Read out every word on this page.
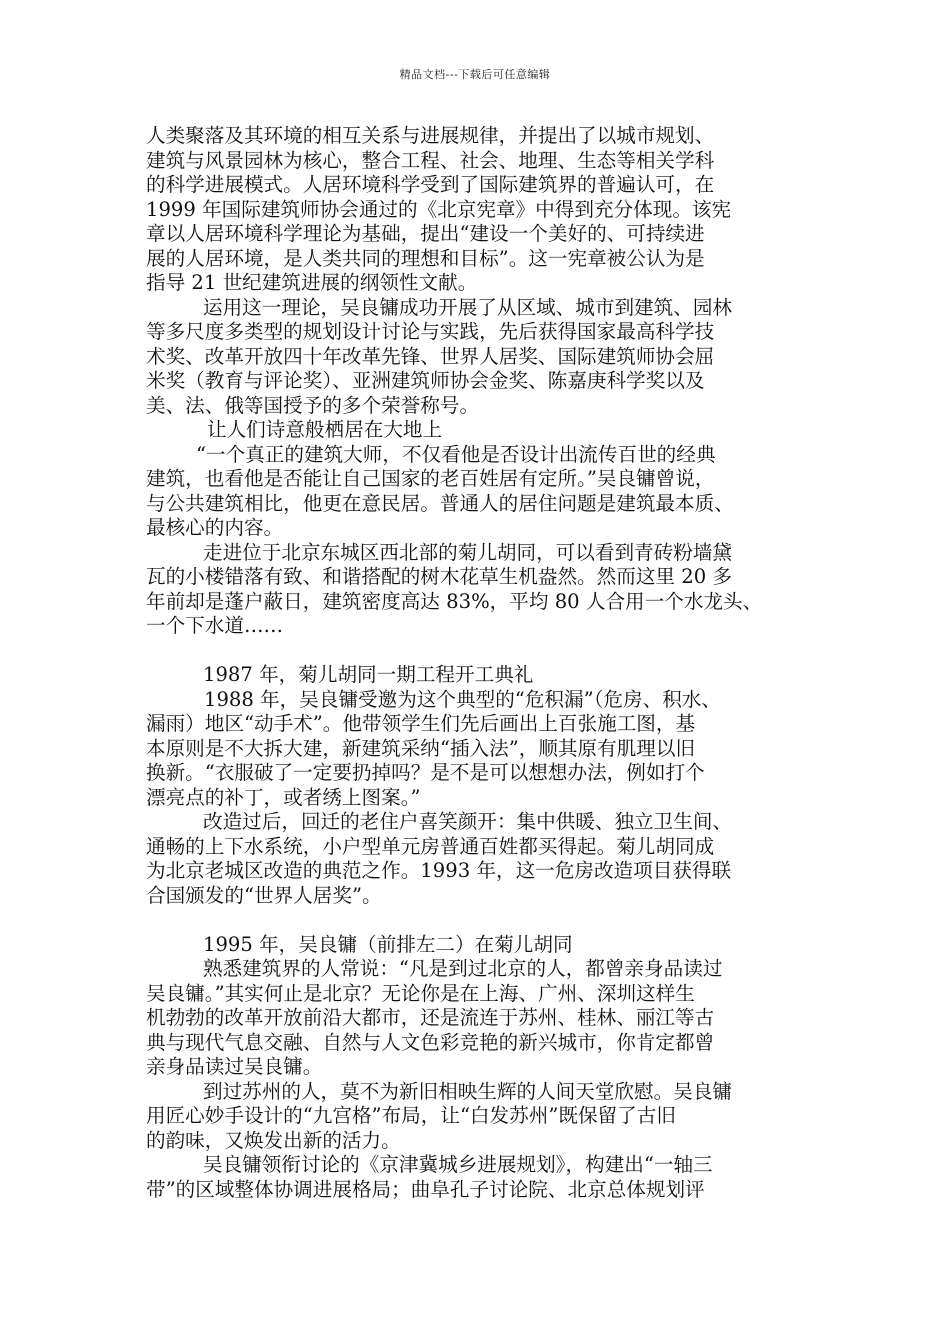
精品文档---下载后可任意编辑

人类聚落及其环境的相互关系与进展规律，并提出了以城市规划、

建筑与风景园林为核心，整合工程、社会、地理、生态等相关学科

的科学进展模式。人居环境科学受到了国际建筑界的普遍认可，在

1999 年国际建筑师协会通过的《北京宪章》中得到充分体现。该宪

章以人居环境科学理论为基础，提出“建设一个美好的、可持续进

展的人居环境，是人类共同的理想和目标”。这一宪章被公认为是

指导 21 世纪建筑进展的纲领性文献。

运用这一理论，吴良镛成功开展了从区域、城市到建筑、园林

等多尺度多类型的规划设计讨论与实践，先后获得国家最高科学技

术奖、改革开放四十年改革先锋、世界人居奖、国际建筑师协会屈

米奖（教育与评论奖）、亚洲建筑师协会金奖、陈嘉庚科学奖以及

美、法、俄等国授予的多个荣誉称号。

让人们诗意般栖居在大地上

“一个真正的建筑大师，不仅看他是否设计出流传百世的经典

建筑，也看他是否能让自己国家的老百姓居有定所。”吴良镛曾说，

与公共建筑相比，他更在意民居。普通人的居住问题是建筑最本质、

最核心的内容。

走进位于北京东城区西北部的菊儿胡同，可以看到青砖粉墙黛

瓦的小楼错落有致、和谐搭配的树木花草生机盎然。然而这里 20 多

年前却是蓬户蔽日，建筑密度高达 83%，平均 80 人合用一个水龙头、

一个下水道……

1987 年，菊儿胡同一期工程开工典礼

1988 年，吴良镛受邀为这个典型的“危积漏”（危房、积水、

漏雨）地区“动手术”。他带领学生们先后画出上百张施工图，基

本原则是不大拆大建，新建筑采纳“插入法”，顺其原有肌理以旧

换新。“衣服破了一定要扔掉吗？是不是可以想想办法，例如打个

漂亮点的补丁，或者绣上图案。”

改造过后，回迁的老住户喜笑颜开：集中供暖、独立卫生间、

通畅的上下水系统，小户型单元房普通百姓都买得起。菊儿胡同成

为北京老城区改造的典范之作。1993 年，这一危房改造项目获得联

合国颁发的“世界人居奖”。

1995 年，吴良镛（前排左二）在菊儿胡同

熟悉建筑界的人常说：“凡是到过北京的人，都曾亲身品读过

吴良镛。”其实何止是北京？无论你是在上海、广州、深圳这样生

机勃勃的改革开放前沿大都市，还是流连于苏州、桂林、丽江等古

典与现代气息交融、自然与人文色彩竞艳的新兴城市，你肯定都曾

亲身品读过吴良镛。

到过苏州的人，莫不为新旧相映生辉的人间天堂欣慰。吴良镛

用匠心妙手设计的“九宫格”布局，让“白发苏州”既保留了古旧

的韵味，又焕发出新的活力。

吴良镛领衔讨论的《京津冀城乡进展规划》，构建出“一轴三

带”的区域整体协调进展格局；曲阜孔子讨论院、北京总体规划评
